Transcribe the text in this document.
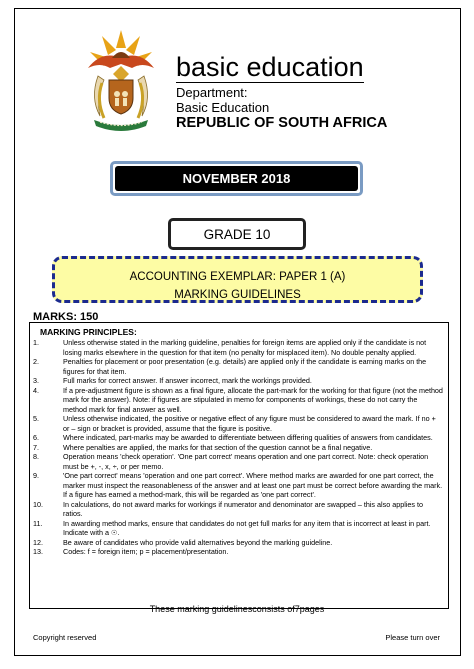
basic education
Department:
Basic Education
REPUBLIC OF SOUTH AFRICA
NOVEMBER 2018
GRADE 10
ACCOUNTING EXEMPLAR: PAPER 1 (A)
MARKING GUIDELINES
MARKS: 150
MARKING PRINCIPLES:
1.	Unless otherwise stated in the marking guideline, penalties for foreign items are applied only if the candidate is not losing marks elsewhere in the question for that item (no penalty for misplaced item). No double penalty applied.
2.	Penalties for placement or poor presentation (e.g. details) are applied only if the candidate is earning marks on the figures for that item.
3.	Full marks for correct answer. If answer incorrect, mark the workings provided.
4.	If a pre-adjustment figure is shown as a final figure, allocate the part-mark for the working for that figure (not the method mark for the answer). Note: if figures are stipulated in memo for components of workings, these do not carry the method mark for final answer as well.
5.	Unless otherwise indicated, the positive or negative effect of any figure must be considered to award the mark. If no + or – sign or bracket is provided, assume that the figure is positive.
6.	Where indicated, part-marks may be awarded to differentiate between differing qualities of answers from candidates.
7.	Where penalties are applied, the marks for that section of the question cannot be a final negative.
8.	Operation means 'check operation'. 'One part correct' means operation and one part correct. Note: check operation must be +, -, x, ÷, or per memo.
9.	'One part correct' means 'operation and one part correct'. Where method marks are awarded for one part correct, the marker must inspect the reasonableness of the answer and at least one part must be correct before awarding the mark. If a figure has earned a method-mark, this will be regarded as 'one part correct'.
10.	In calculations, do not award marks for workings if numerator and denominator are swapped – this also applies to ratios.
11.	In awarding method marks, ensure that candidates do not get full marks for any item that is incorrect at least in part. Indicate with a ☉.
12.	Be aware of candidates who provide valid alternatives beyond the marking guideline.
13.	Codes: f = foreign item; p = placement/presentation.
These marking guidelinesconsists of7pages
Copyright reserved	Please turn over
